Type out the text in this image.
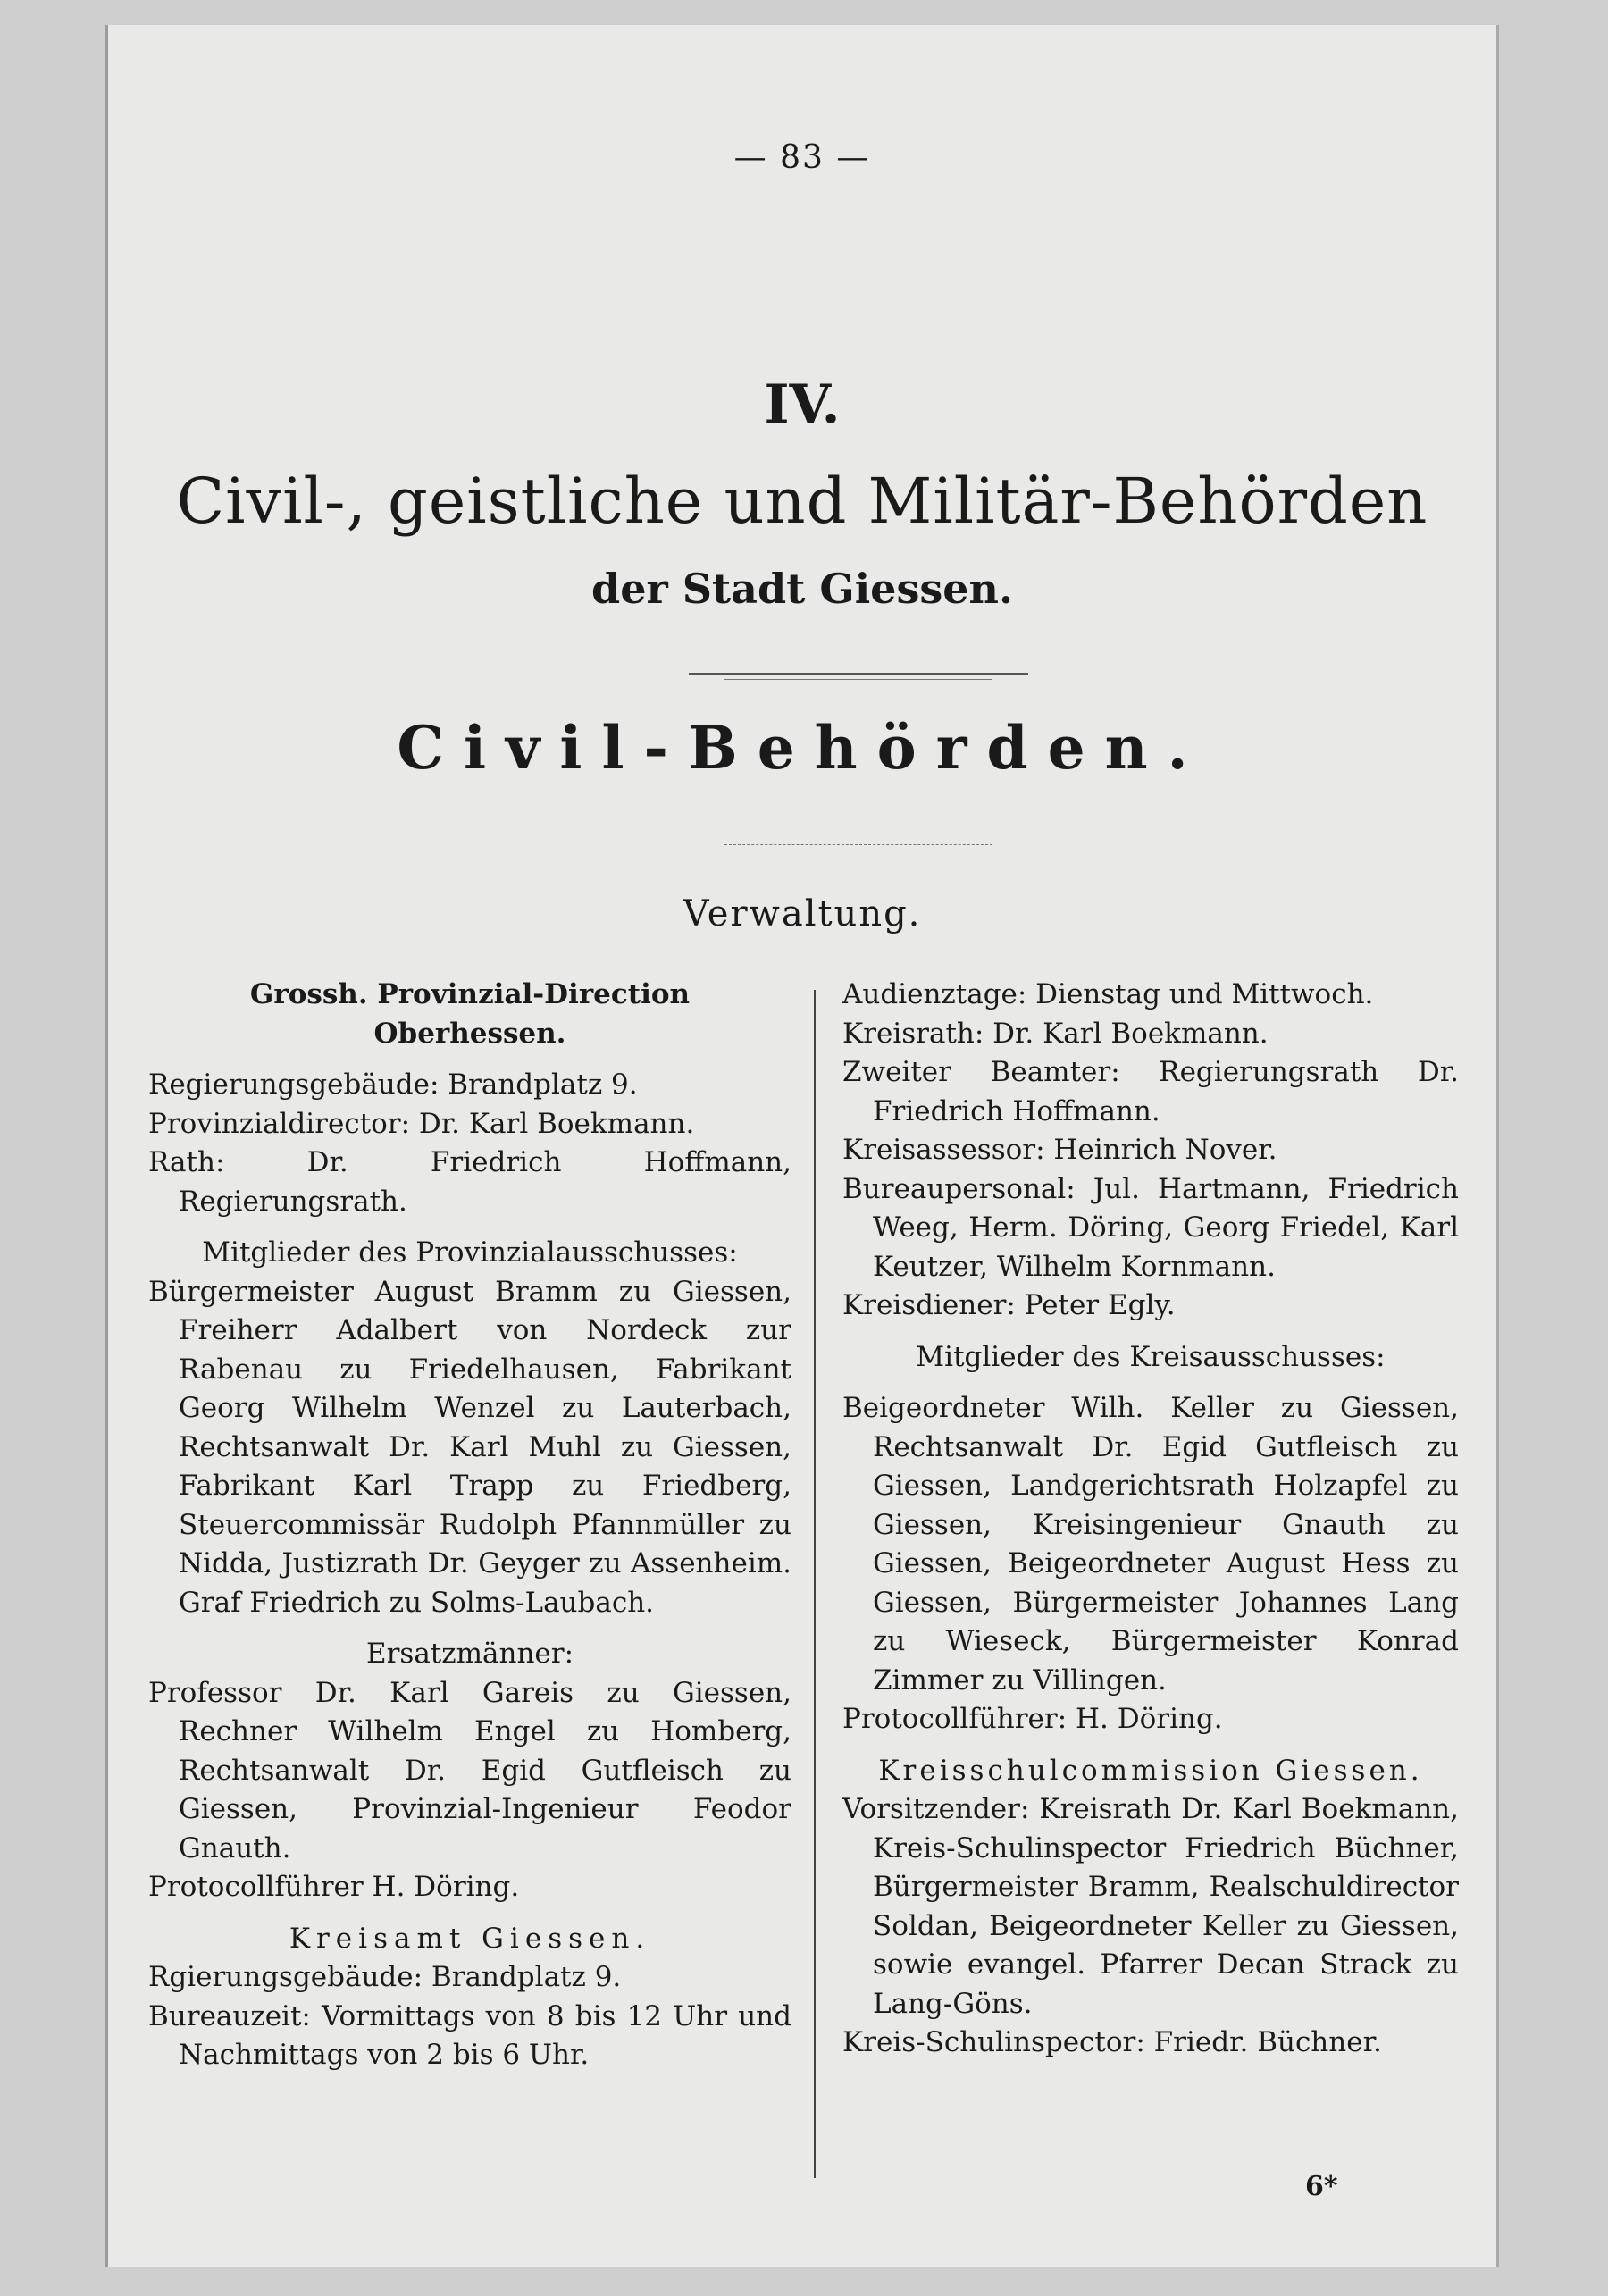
— 83 —
IV.
Civil-, geistliche und Militär-Behörden
der Stadt Giessen.
Civil-Behörden.
Verwaltung.

Grossh. Provinzial-Direction

Oberhessen.

Regierungsgebäude: Brandplatz 9.

Provinzialdirector: Dr. Karl Boekmann.

Rath: Dr. Friedrich Hoffmann, Regierungsrath.

Mitglieder des Provinzialausschusses:

Bürgermeister August Bramm zu Giessen, Freiherr Adalbert von Nordeck zur Rabenau zu Friedelhausen, Fabrikant Georg Wilhelm Wenzel zu Lauterbach, Rechtsanwalt Dr. Karl Muhl zu Giessen, Fabrikant Karl Trapp zu Friedberg, Steuercommissär Rudolph Pfannmüller zu Nidda, Justizrath Dr. Geyger zu Assenheim. Graf Friedrich zu Solms-Laubach.

Ersatzmänner:

Professor Dr. Karl Gareis zu Giessen, Rechner Wilhelm Engel zu Homberg, Rechtsanwalt Dr. Egid Gutfleisch zu Giessen, Provinzial-Ingenieur Feodor Gnauth.

Protocollführer H. Döring.

Kreisamt Giessen.

Rgierungsgebäude: Brandplatz 9.

Bureauzeit: Vormittags von 8 bis 12 Uhr und Nachmittags von 2 bis 6 Uhr.

Audienztage: Dienstag und Mittwoch.

Kreisrath: Dr. Karl Boekmann.

Zweiter Beamter: Regierungsrath Dr. Friedrich Hoffmann.

Kreisassessor: Heinrich Nover.

Bureaupersonal: Jul. Hartmann, Friedrich Weeg, Herm. Döring, Georg Friedel, Karl Keutzer, Wilhelm Kornmann.

Kreisdiener: Peter Egly.

Mitglieder des Kreisausschusses:

Beigeordneter Wilh. Keller zu Giessen, Rechtsanwalt Dr. Egid Gutfleisch zu Giessen, Landgerichtsrath Holzapfel zu Giessen, Kreisingenieur Gnauth zu Giessen, Beigeordneter August Hess zu Giessen, Bürgermeister Johannes Lang zu Wieseck, Bürgermeister Konrad Zimmer zu Villingen.

Protocollführer: H. Döring.

Kreisschulcommission Giessen.

Vorsitzender: Kreisrath Dr. Karl Boekmann, Kreis-Schulinspector Friedrich Büchner, Bürgermeister Bramm, Realschuldirector Soldan, Beigeordneter Keller zu Giessen, sowie evangel. Pfarrer Decan Strack zu Lang-Göns.

Kreis-Schulinspector: Friedr. Büchner.

6*
